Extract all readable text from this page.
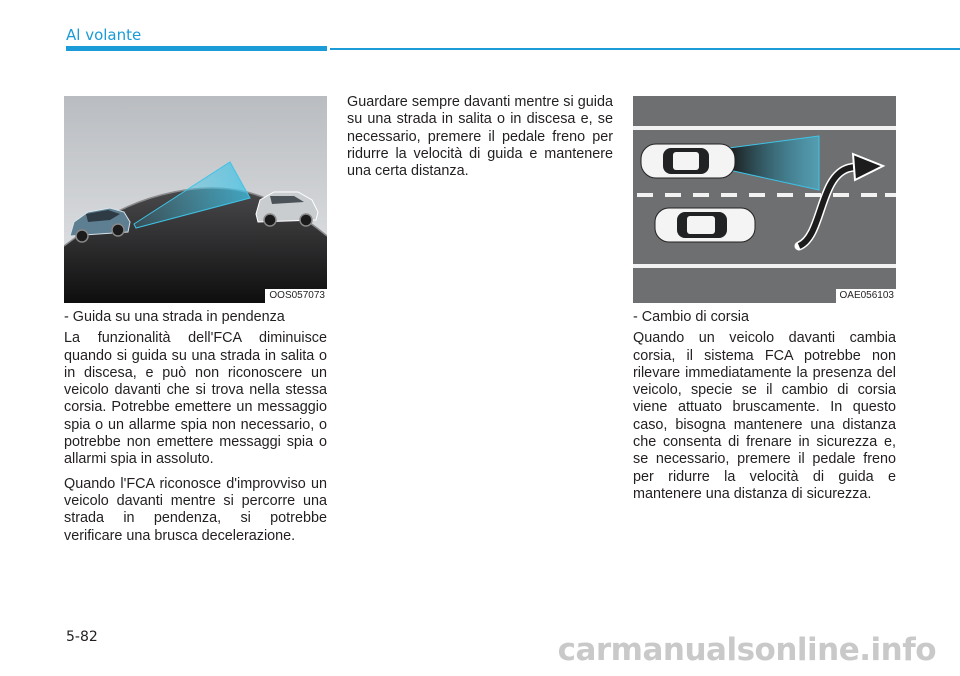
Al volante
OOS057073	OAE056103

- Guida su una strada in pendenza

La funzionalità dell'FCA diminuisce quando si guida su una strada in salita o in discesa, e può non riconoscere un veicolo davanti che si trova nella stessa corsia. Potrebbe emettere un messaggio spia o un allarme spia non necessario, o potrebbe non emettere messaggi spia o allarmi spia in assoluto.

Quando l'FCA riconosce d'improvviso un veicolo davanti mentre si percorre una strada in pendenza, si potrebbe verificare una brusca decelerazione.

Guardare sempre davanti mentre si guida su una strada in salita o in discesa e, se necessario, premere il pedale freno per ridurre la velocità di guida e mantenere una certa distanza.

- Cambio di corsia

Quando un veicolo davanti cambia corsia, il sistema FCA potrebbe non rilevare immediatamente la presenza del veicolo, specie se il cambio di corsia viene attuato bruscamente. In questo caso, bisogna mantenere una distanza che consenta di frenare in sicurezza e, se necessario, premere il pedale freno per ridurre la velocità di guida e mantenere una distanza di sicurezza.

5-82	carmanualsonline.info
